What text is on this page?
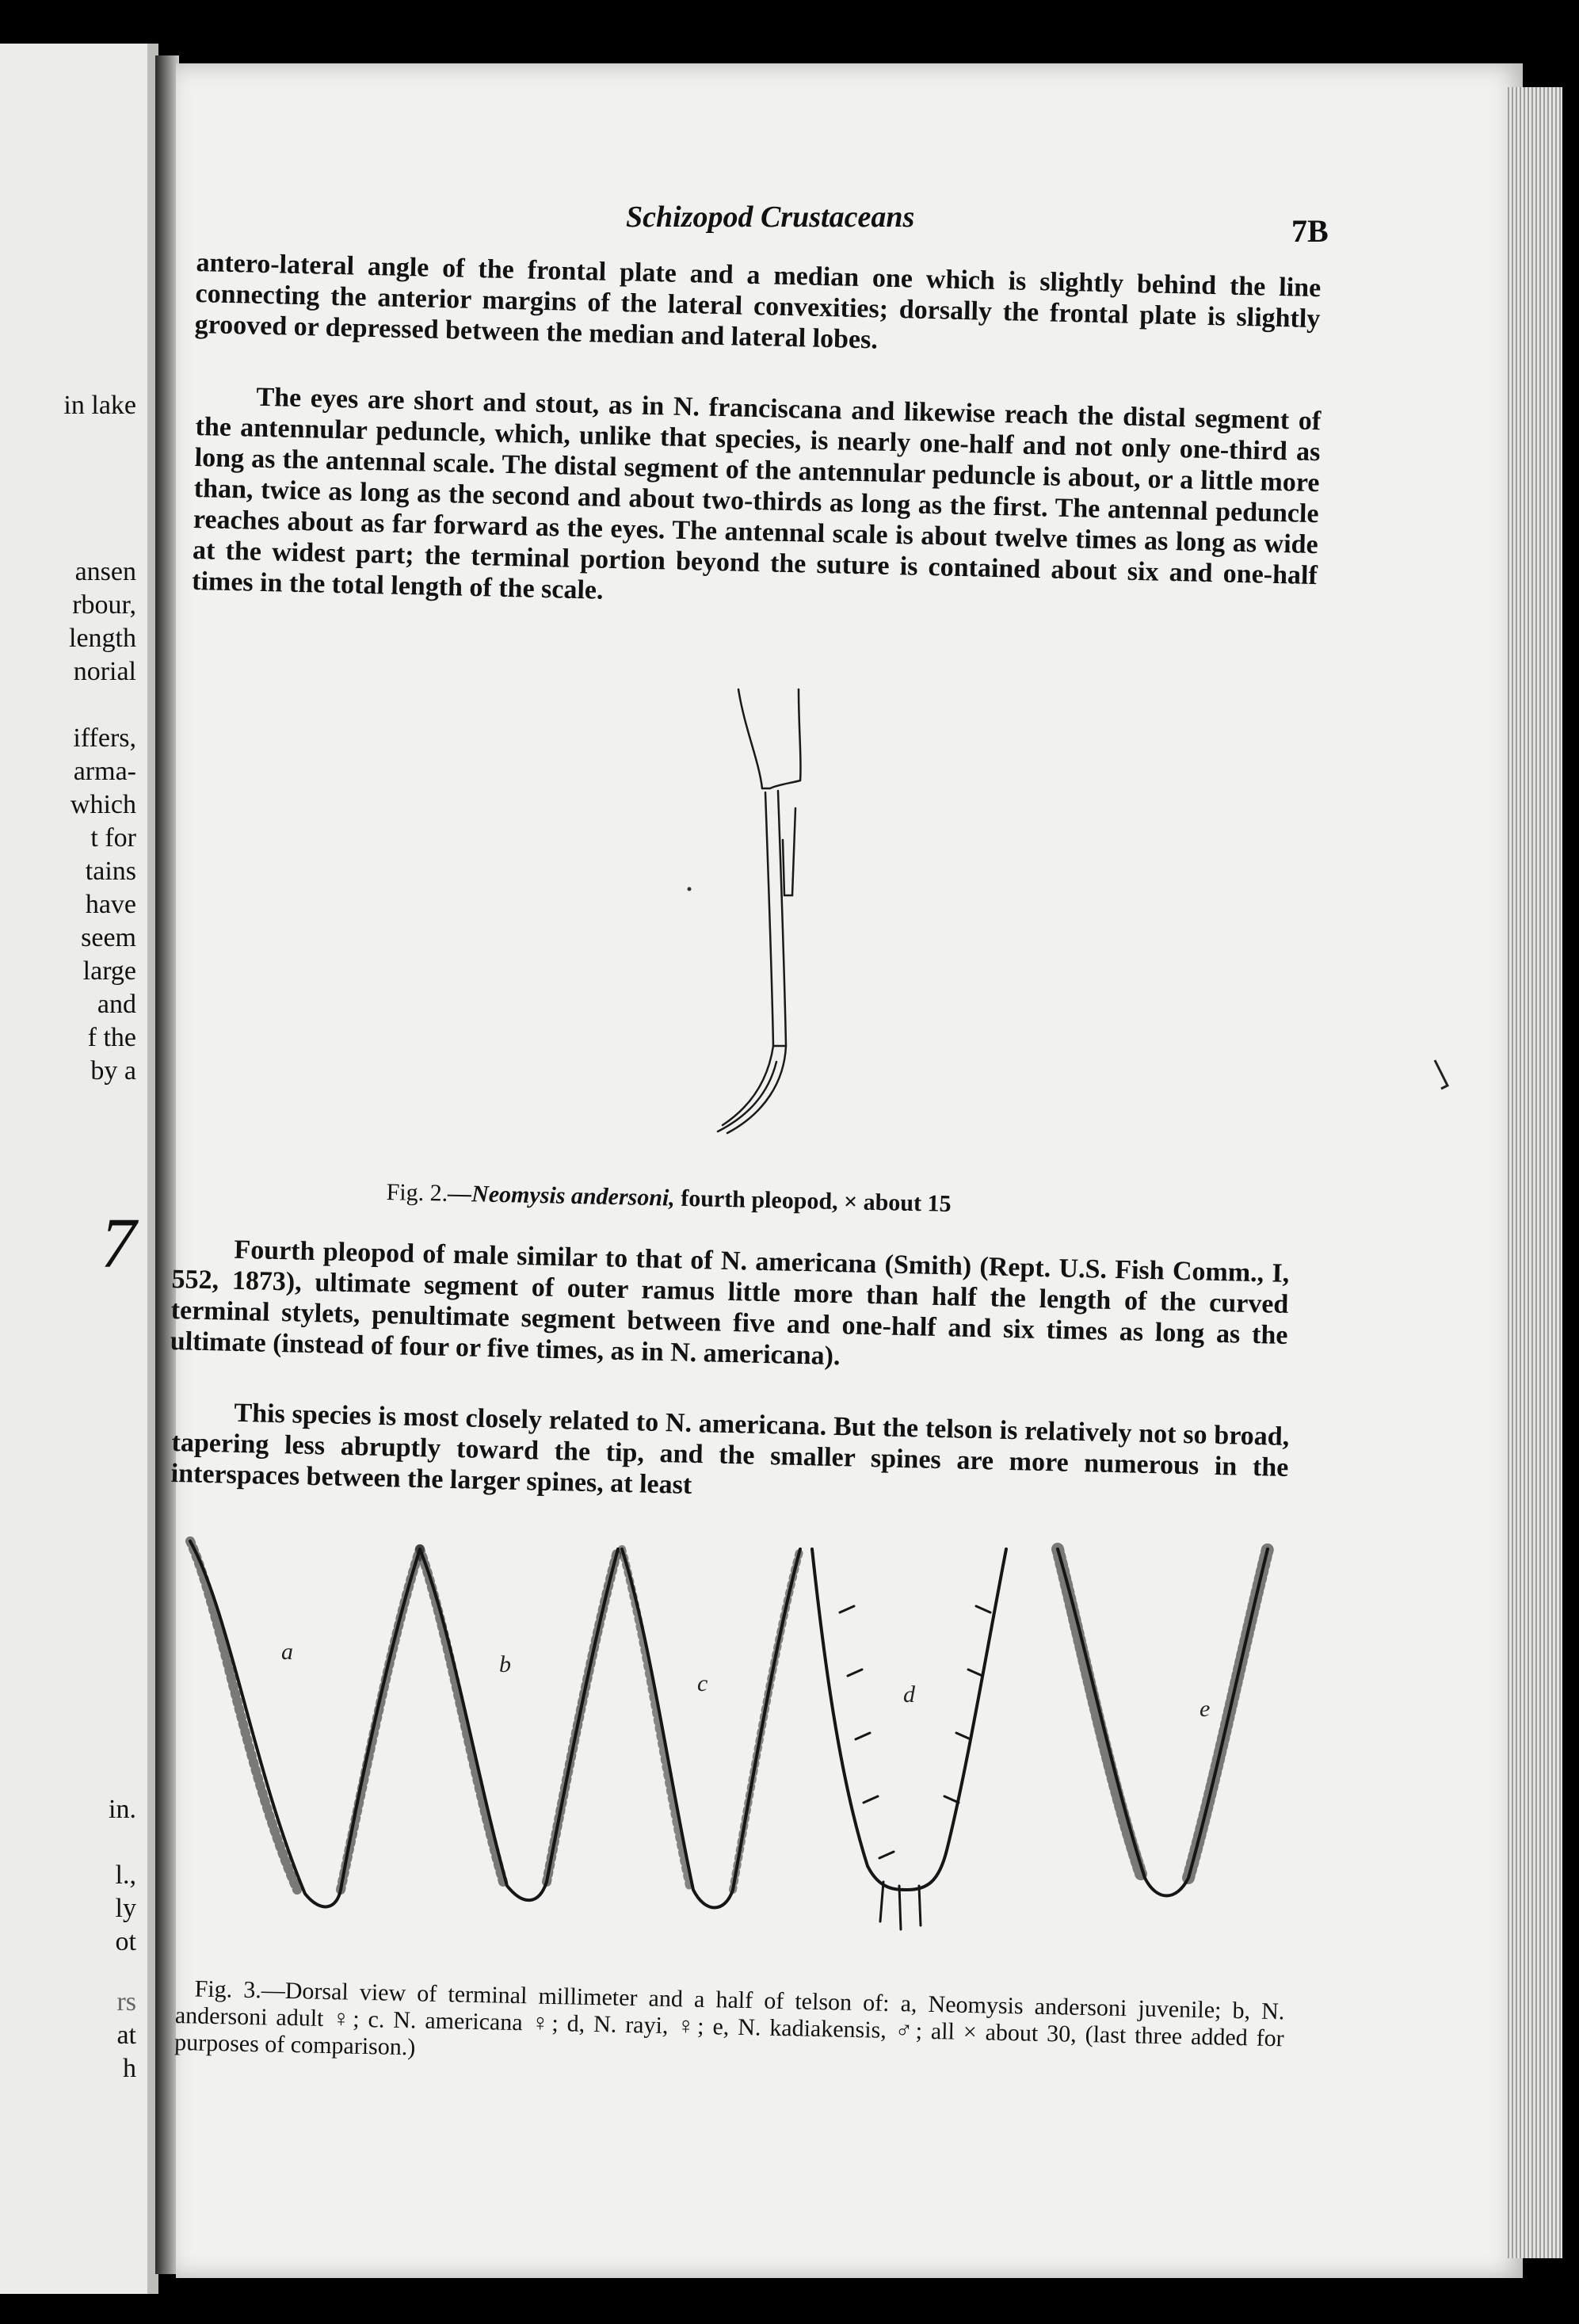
in lake
ansen
rbour,
length
norial
iffers,
arma-
which
t for
tains
have
seem
large
and
f the
by a
7
in.
l.,
ly
ot
rs
at
h
Schizopod Crustaceans	7B
antero-lateral angle of the frontal plate and a median one which is slightly behind the line connecting the anterior margins of the lateral convexities; dorsally the frontal plate is slightly grooved or depressed between the median and lateral lobes.
The eyes are short and stout, as in N. franciscana and likewise reach the distal segment of the antennular peduncle, which, unlike that species, is nearly one-half and not only one-third as long as the antennal scale. The distal segment of the antennular peduncle is about, or a little more than, twice as long as the second and about two-thirds as long as the first. The antennal peduncle reaches about as far forward as the eyes. The antennal scale is about twelve times as long as wide at the widest part; the terminal portion beyond the suture is contained about six and one-half times in the total length of the scale.
Fig. 2.—Neomysis andersoni, fourth pleopod, × about 15
Fourth pleopod of male similar to that of N. americana (Smith) (Rept. U.S. Fish Comm., I, 552, 1873), ultimate segment of outer ramus little more than half the length of the curved terminal stylets, penultimate segment between five and one-half and six times as long as the ultimate (instead of four or five times, as in N. americana).
This species is most closely related to N. americana. But the telson is relatively not so broad, tapering less abruptly toward the tip, and the smaller spines are more numerous in the interspaces between the larger spines, at least
a	b
c	d
e
Fig. 3.—Dorsal view of terminal millimeter and a half of telson of: a, Neomysis andersoni juvenile; b, N. andersoni adult ♀; c. N. americana ♀; d, N. rayi, ♀; e, N. kadiakensis, ♂; all × about 30, (last three added for purposes of comparison.)
